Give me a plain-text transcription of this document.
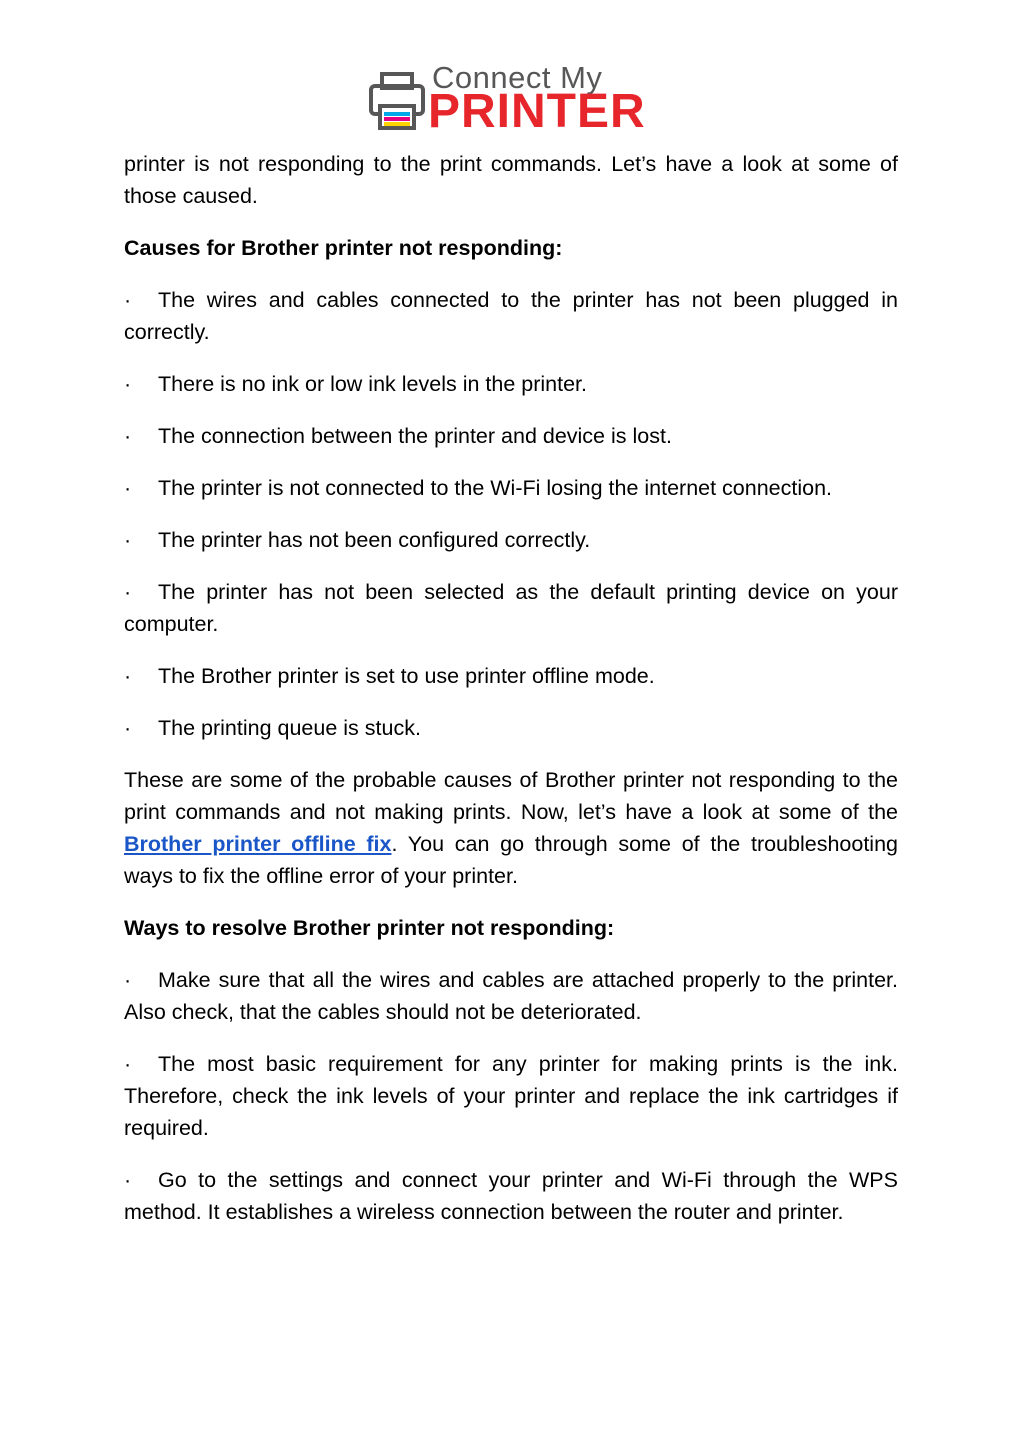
Connect My
PRINTER

printer is not responding to the print commands. Let’s have a look at some of those caused.

Causes for Brother printer not responding:

· The wires and cables connected to the printer has not been plugged in correctly.

· There is no ink or low ink levels in the printer.

· The connection between the printer and device is lost.

· The printer is not connected to the Wi-Fi losing the internet connection.

· The printer has not been configured correctly.

· The printer has not been selected as the default printing device on your computer.

· The Brother printer is set to use printer offline mode.

· The printing queue is stuck.

These are some of the probable causes of Brother printer not responding to the print commands and not making prints. Now, let’s have a look at some of the Brother printer offline fix. You can go through some of the troubleshooting ways to fix the offline error of your printer.

Ways to resolve Brother printer not responding:

· Make sure that all the wires and cables are attached properly to the printer. Also check, that the cables should not be deteriorated.

· The most basic requirement for any printer for making prints is the ink. Therefore, check the ink levels of your printer and replace the ink cartridges if required.

· Go to the settings and connect your printer and Wi-Fi through the WPS method. It establishes a wireless connection between the router and printer.
